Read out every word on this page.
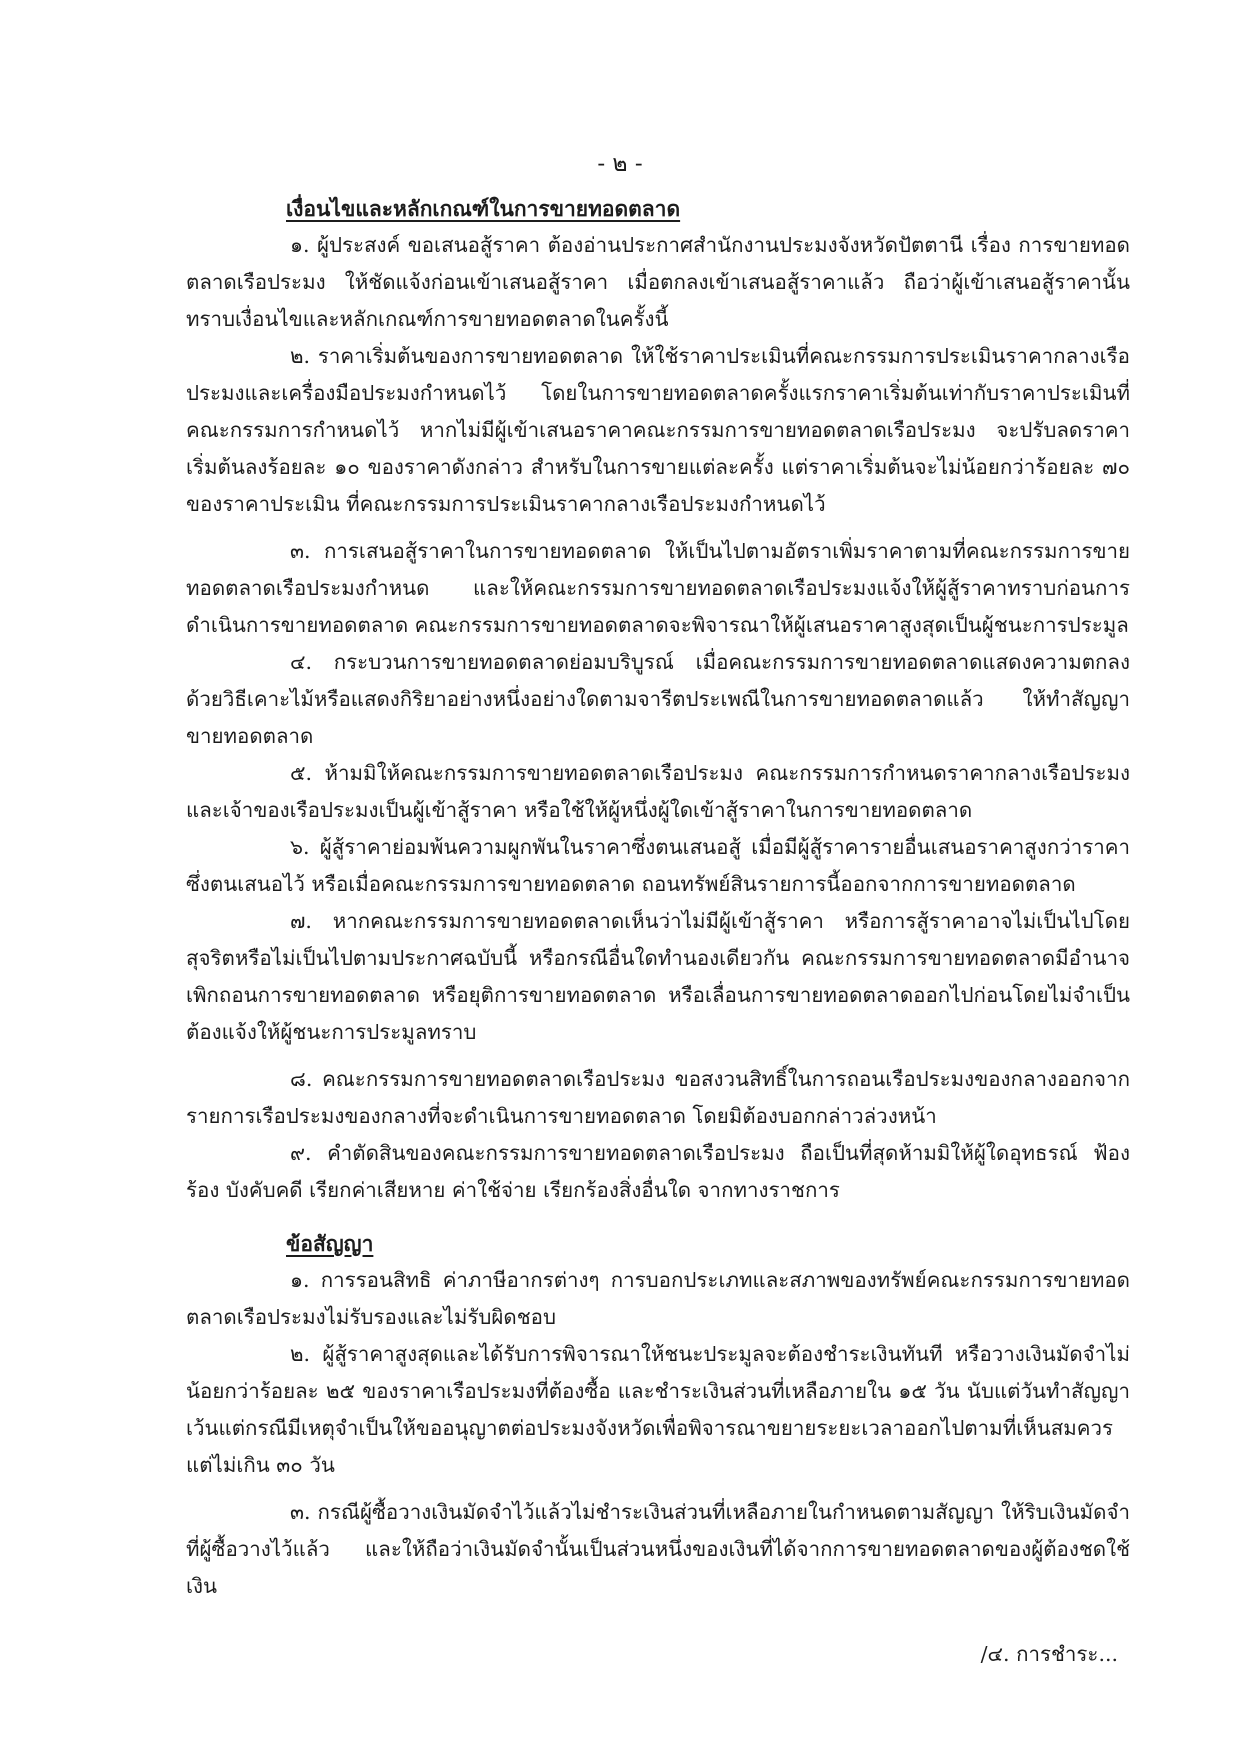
- ๒ -

เงื่อนไขและหลักเกณฑ์ในการขายทอดตลาด

๑. ผู้ประสงค์ ขอเสนอสู้ราคา ต้องอ่านประกาศสำนักงานประมงจังหวัดปัตตานี เรื่อง การขายทอดตลาดเรือประมง ให้ชัดแจ้งก่อนเข้าเสนอสู้ราคา เมื่อตกลงเข้าเสนอสู้ราคาแล้ว ถือว่าผู้เข้าเสนอสู้ราคานั้นทราบเงื่อนไขและหลักเกณฑ์การขายทอดตลาดในครั้งนี้

๒. ราคาเริ่มต้นของการขายทอดตลาด ให้ใช้ราคาประเมินที่คณะกรรมการประเมินราคากลางเรือประมงและเครื่องมือประมงกำหนดไว้ โดยในการขายทอดตลาดครั้งแรกราคาเริ่มต้นเท่ากับราคาประเมินที่คณะกรรมการกำหนดไว้ หากไม่มีผู้เข้าเสนอราคาคณะกรรมการขายทอดตลาดเรือประมง จะปรับลดราคาเริ่มต้นลงร้อยละ ๑๐ ของราคาดังกล่าว สำหรับในการขายแต่ละครั้ง แต่ราคาเริ่มต้นจะไม่น้อยกว่าร้อยละ ๗๐ ของราคาประเมิน ที่คณะกรรมการประเมินราคากลางเรือประมงกำหนดไว้

๓. การเสนอสู้ราคาในการขายทอดตลาด ให้เป็นไปตามอัตราเพิ่มราคาตามที่คณะกรรมการขายทอดตลาดเรือประมงกำหนด และให้คณะกรรมการขายทอดตลาดเรือประมงแจ้งให้ผู้สู้ราคาทราบก่อนการดำเนินการขายทอดตลาด คณะกรรมการขายทอดตลาดจะพิจารณาให้ผู้เสนอราคาสูงสุดเป็นผู้ชนะการประมูล

๔. กระบวนการขายทอดตลาดย่อมบริบูรณ์ เมื่อคณะกรรมการขายทอดตลาดแสดงความตกลงด้วยวิธีเคาะไม้หรือแสดงกิริยาอย่างหนึ่งอย่างใดตามจารีตประเพณีในการขายทอดตลาดแล้ว ให้ทำสัญญาขายทอดตลาด

๕. ห้ามมิให้คณะกรรมการขายทอดตลาดเรือประมง คณะกรรมการกำหนดราคากลางเรือประมงและเจ้าของเรือประมงเป็นผู้เข้าสู้ราคา หรือใช้ให้ผู้หนึ่งผู้ใดเข้าสู้ราคาในการขายทอดตลาด

๖. ผู้สู้ราคาย่อมพ้นความผูกพันในราคาซึ่งตนเสนอสู้ เมื่อมีผู้สู้ราคารายอื่นเสนอราคาสูงกว่าราคาซึ่งตนเสนอไว้ หรือเมื่อคณะกรรมการขายทอดตลาด ถอนทรัพย์สินรายการนี้ออกจากการขายทอดตลาด

๗. หากคณะกรรมการขายทอดตลาดเห็นว่าไม่มีผู้เข้าสู้ราคา หรือการสู้ราคาอาจไม่เป็นไปโดยสุจริตหรือไม่เป็นไปตามประกาศฉบับนี้ หรือกรณีอื่นใดทำนองเดียวกัน คณะกรรมการขายทอดตลาดมีอำนาจเพิกถอนการขายทอดตลาด หรือยุติการขายทอดตลาด หรือเลื่อนการขายทอดตลาดออกไปก่อนโดยไม่จำเป็นต้องแจ้งให้ผู้ชนะการประมูลทราบ

๘. คณะกรรมการขายทอดตลาดเรือประมง ขอสงวนสิทธิ์ในการถอนเรือประมงของกลางออกจากรายการเรือประมงของกลางที่จะดำเนินการขายทอดตลาด โดยมิต้องบอกกล่าวล่วงหน้า

๙. คำตัดสินของคณะกรรมการขายทอดตลาดเรือประมง ถือเป็นที่สุดห้ามมิให้ผู้ใดอุทธรณ์ ฟ้องร้อง บังคับคดี เรียกค่าเสียหาย ค่าใช้จ่าย เรียกร้องสิ่งอื่นใด จากทางราชการ

ข้อสัญญา

๑. การรอนสิทธิ ค่าภาษีอากรต่างๆ การบอกประเภทและสภาพของทรัพย์คณะกรรมการขายทอดตลาดเรือประมงไม่รับรองและไม่รับผิดชอบ

๒. ผู้สู้ราคาสูงสุดและได้รับการพิจารณาให้ชนะประมูลจะต้องชำระเงินทันที หรือวางเงินมัดจำไม่น้อยกว่าร้อยละ ๒๕ ของราคาเรือประมงที่ต้องซื้อ และชำระเงินส่วนที่เหลือภายใน ๑๕ วัน นับแต่วันทำสัญญา เว้นแต่กรณีมีเหตุจำเป็นให้ขออนุญาตต่อประมงจังหวัดเพื่อพิจารณาขยายระยะเวลาออกไปตามที่เห็นสมควร แต่ไม่เกิน ๓๐ วัน

๓. กรณีผู้ซื้อวางเงินมัดจำไว้แล้วไม่ชำระเงินส่วนที่เหลือภายในกำหนดตามสัญญา ให้ริบเงินมัดจำที่ผู้ซื้อวางไว้แล้ว และให้ถือว่าเงินมัดจำนั้นเป็นส่วนหนึ่งของเงินที่ได้จากการขายทอดตลาดของผู้ต้องชดใช้เงิน

/๔. การชำระ...
